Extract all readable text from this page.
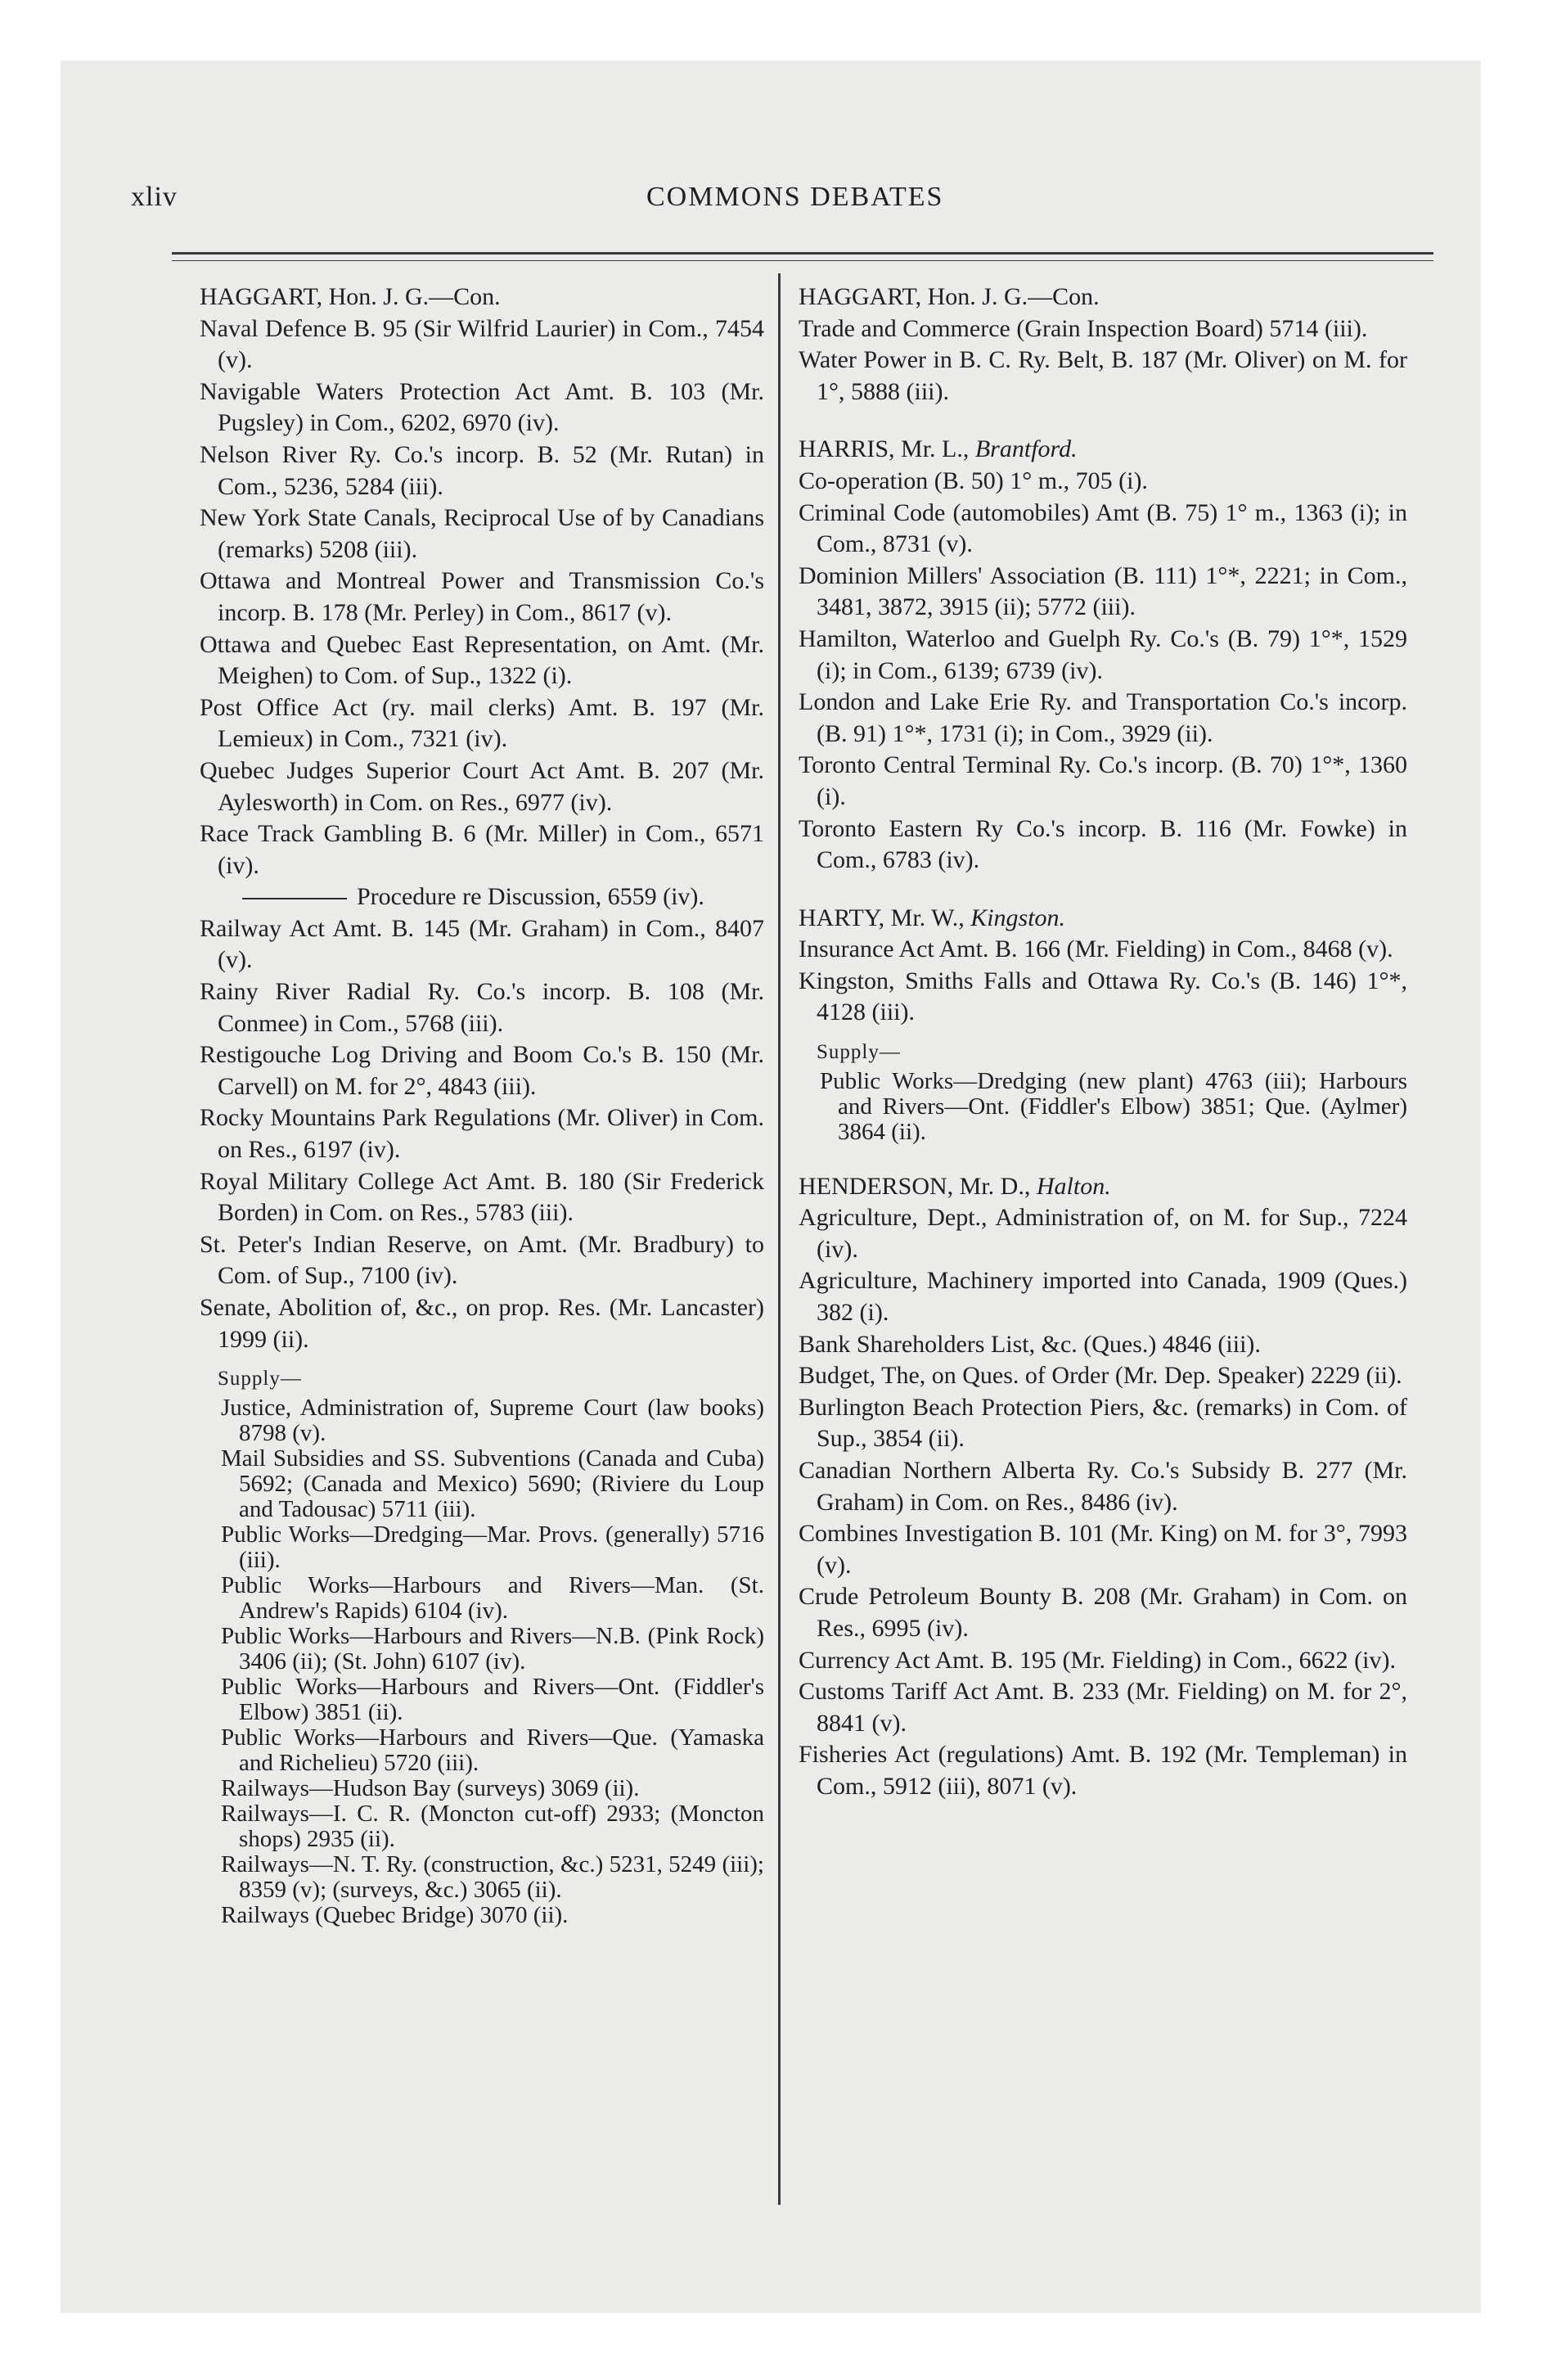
xliv	COMMONS DEBATES
HAGGART, Hon. J. G.—Con.
Naval Defence B. 95 (Sir Wilfrid Laurier) in Com., 7454 (v).
Navigable Waters Protection Act Amt. B. 103 (Mr. Pugsley) in Com., 6202, 6970 (iv).
Nelson River Ry. Co.'s incorp. B. 52 (Mr. Rutan) in Com., 5236, 5284 (iii).
New York State Canals, Reciprocal Use of by Canadians (remarks) 5208 (iii).
Ottawa and Montreal Power and Transmission Co.'s incorp. B. 178 (Mr. Perley) in Com., 8617 (v).
Ottawa and Quebec East Representation, on Amt. (Mr. Meighen) to Com. of Sup., 1322 (i).
Post Office Act (ry. mail clerks) Amt. B. 197 (Mr. Lemieux) in Com., 7321 (iv).
Quebec Judges Superior Court Act Amt. B. 207 (Mr. Aylesworth) in Com. on Res., 6977 (iv).
Race Track Gambling B. 6 (Mr. Miller) in Com., 6571 (iv).
Procedure re Discussion, 6559 (iv).
Railway Act Amt. B. 145 (Mr. Graham) in Com., 8407 (v).
Rainy River Radial Ry. Co.'s incorp. B. 108 (Mr. Conmee) in Com., 5768 (iii).
Restigouche Log Driving and Boom Co.'s B. 150 (Mr. Carvell) on M. for 2°, 4843 (iii).
Rocky Mountains Park Regulations (Mr. Oliver) in Com. on Res., 6197 (iv).
Royal Military College Act Amt. B. 180 (Sir Frederick Borden) in Com. on Res., 5783 (iii).
St. Peter's Indian Reserve, on Amt. (Mr. Bradbury) to Com. of Sup., 7100 (iv).
Senate, Abolition of, &c., on prop. Res. (Mr. Lancaster) 1999 (ii).
Supply—
Justice, Administration of, Supreme Court (law books) 8798 (v).
Mail Subsidies and SS. Subventions (Canada and Cuba) 5692; (Canada and Mexico) 5690; (Riviere du Loup and Tadousac) 5711 (iii).
Public Works—Dredging—Mar. Provs. (generally) 5716 (iii).
Public Works—Harbours and Rivers—Man. (St. Andrew's Rapids) 6104 (iv).
Public Works—Harbours and Rivers—N.B. (Pink Rock) 3406 (ii); (St. John) 6107 (iv).
Public Works—Harbours and Rivers—Ont. (Fiddler's Elbow) 3851 (ii).
Public Works—Harbours and Rivers—Que. (Yamaska and Richelieu) 5720 (iii).
Railways—Hudson Bay (surveys) 3069 (ii).
Railways—I. C. R. (Moncton cut-off) 2933; (Moncton shops) 2935 (ii).
Railways—N. T. Ry. (construction, &c.) 5231, 5249 (iii); 8359 (v); (surveys, &c.) 3065 (ii).
Railways (Quebec Bridge) 3070 (ii).
HAGGART, Hon. J. G.—Con.
Trade and Commerce (Grain Inspection Board) 5714 (iii).
Water Power in B. C. Ry. Belt, B. 187 (Mr. Oliver) on M. for 1°, 5888 (iii).
HARRIS, Mr. L., Brantford.
Co-operation (B. 50) 1° m., 705 (i).
Criminal Code (automobiles) Amt (B. 75) 1° m., 1363 (i); in Com., 8731 (v).
Dominion Millers' Association (B. 111) 1°*, 2221; in Com., 3481, 3872, 3915 (ii); 5772 (iii).
Hamilton, Waterloo and Guelph Ry. Co.'s (B. 79) 1°*, 1529 (i); in Com., 6139; 6739 (iv).
London and Lake Erie Ry. and Transportation Co.'s incorp. (B. 91) 1°*, 1731 (i); in Com., 3929 (ii).
Toronto Central Terminal Ry. Co.'s incorp. (B. 70) 1°*, 1360 (i).
Toronto Eastern Ry Co.'s incorp. B. 116 (Mr. Fowke) in Com., 6783 (iv).
HARTY, Mr. W., Kingston.
Insurance Act Amt. B. 166 (Mr. Fielding) in Com., 8468 (v).
Kingston, Smiths Falls and Ottawa Ry. Co.'s (B. 146) 1°*, 4128 (iii).
Supply—
Public Works—Dredging (new plant) 4763 (iii); Harbours and Rivers—Ont. (Fiddler's Elbow) 3851; Que. (Aylmer) 3864 (ii).
HENDERSON, Mr. D., Halton.
Agriculture, Dept., Administration of, on M. for Sup., 7224 (iv).
Agriculture, Machinery imported into Canada, 1909 (Ques.) 382 (i).
Bank Shareholders List, &c. (Ques.) 4846 (iii).
Budget, The, on Ques. of Order (Mr. Dep. Speaker) 2229 (ii).
Burlington Beach Protection Piers, &c. (remarks) in Com. of Sup., 3854 (ii).
Canadian Northern Alberta Ry. Co.'s Subsidy B. 277 (Mr. Graham) in Com. on Res., 8486 (iv).
Combines Investigation B. 101 (Mr. King) on M. for 3°, 7993 (v).
Crude Petroleum Bounty B. 208 (Mr. Graham) in Com. on Res., 6995 (iv).
Currency Act Amt. B. 195 (Mr. Fielding) in Com., 6622 (iv).
Customs Tariff Act Amt. B. 233 (Mr. Fielding) on M. for 2°, 8841 (v).
Fisheries Act (regulations) Amt. B. 192 (Mr. Templeman) in Com., 5912 (iii), 8071 (v).
